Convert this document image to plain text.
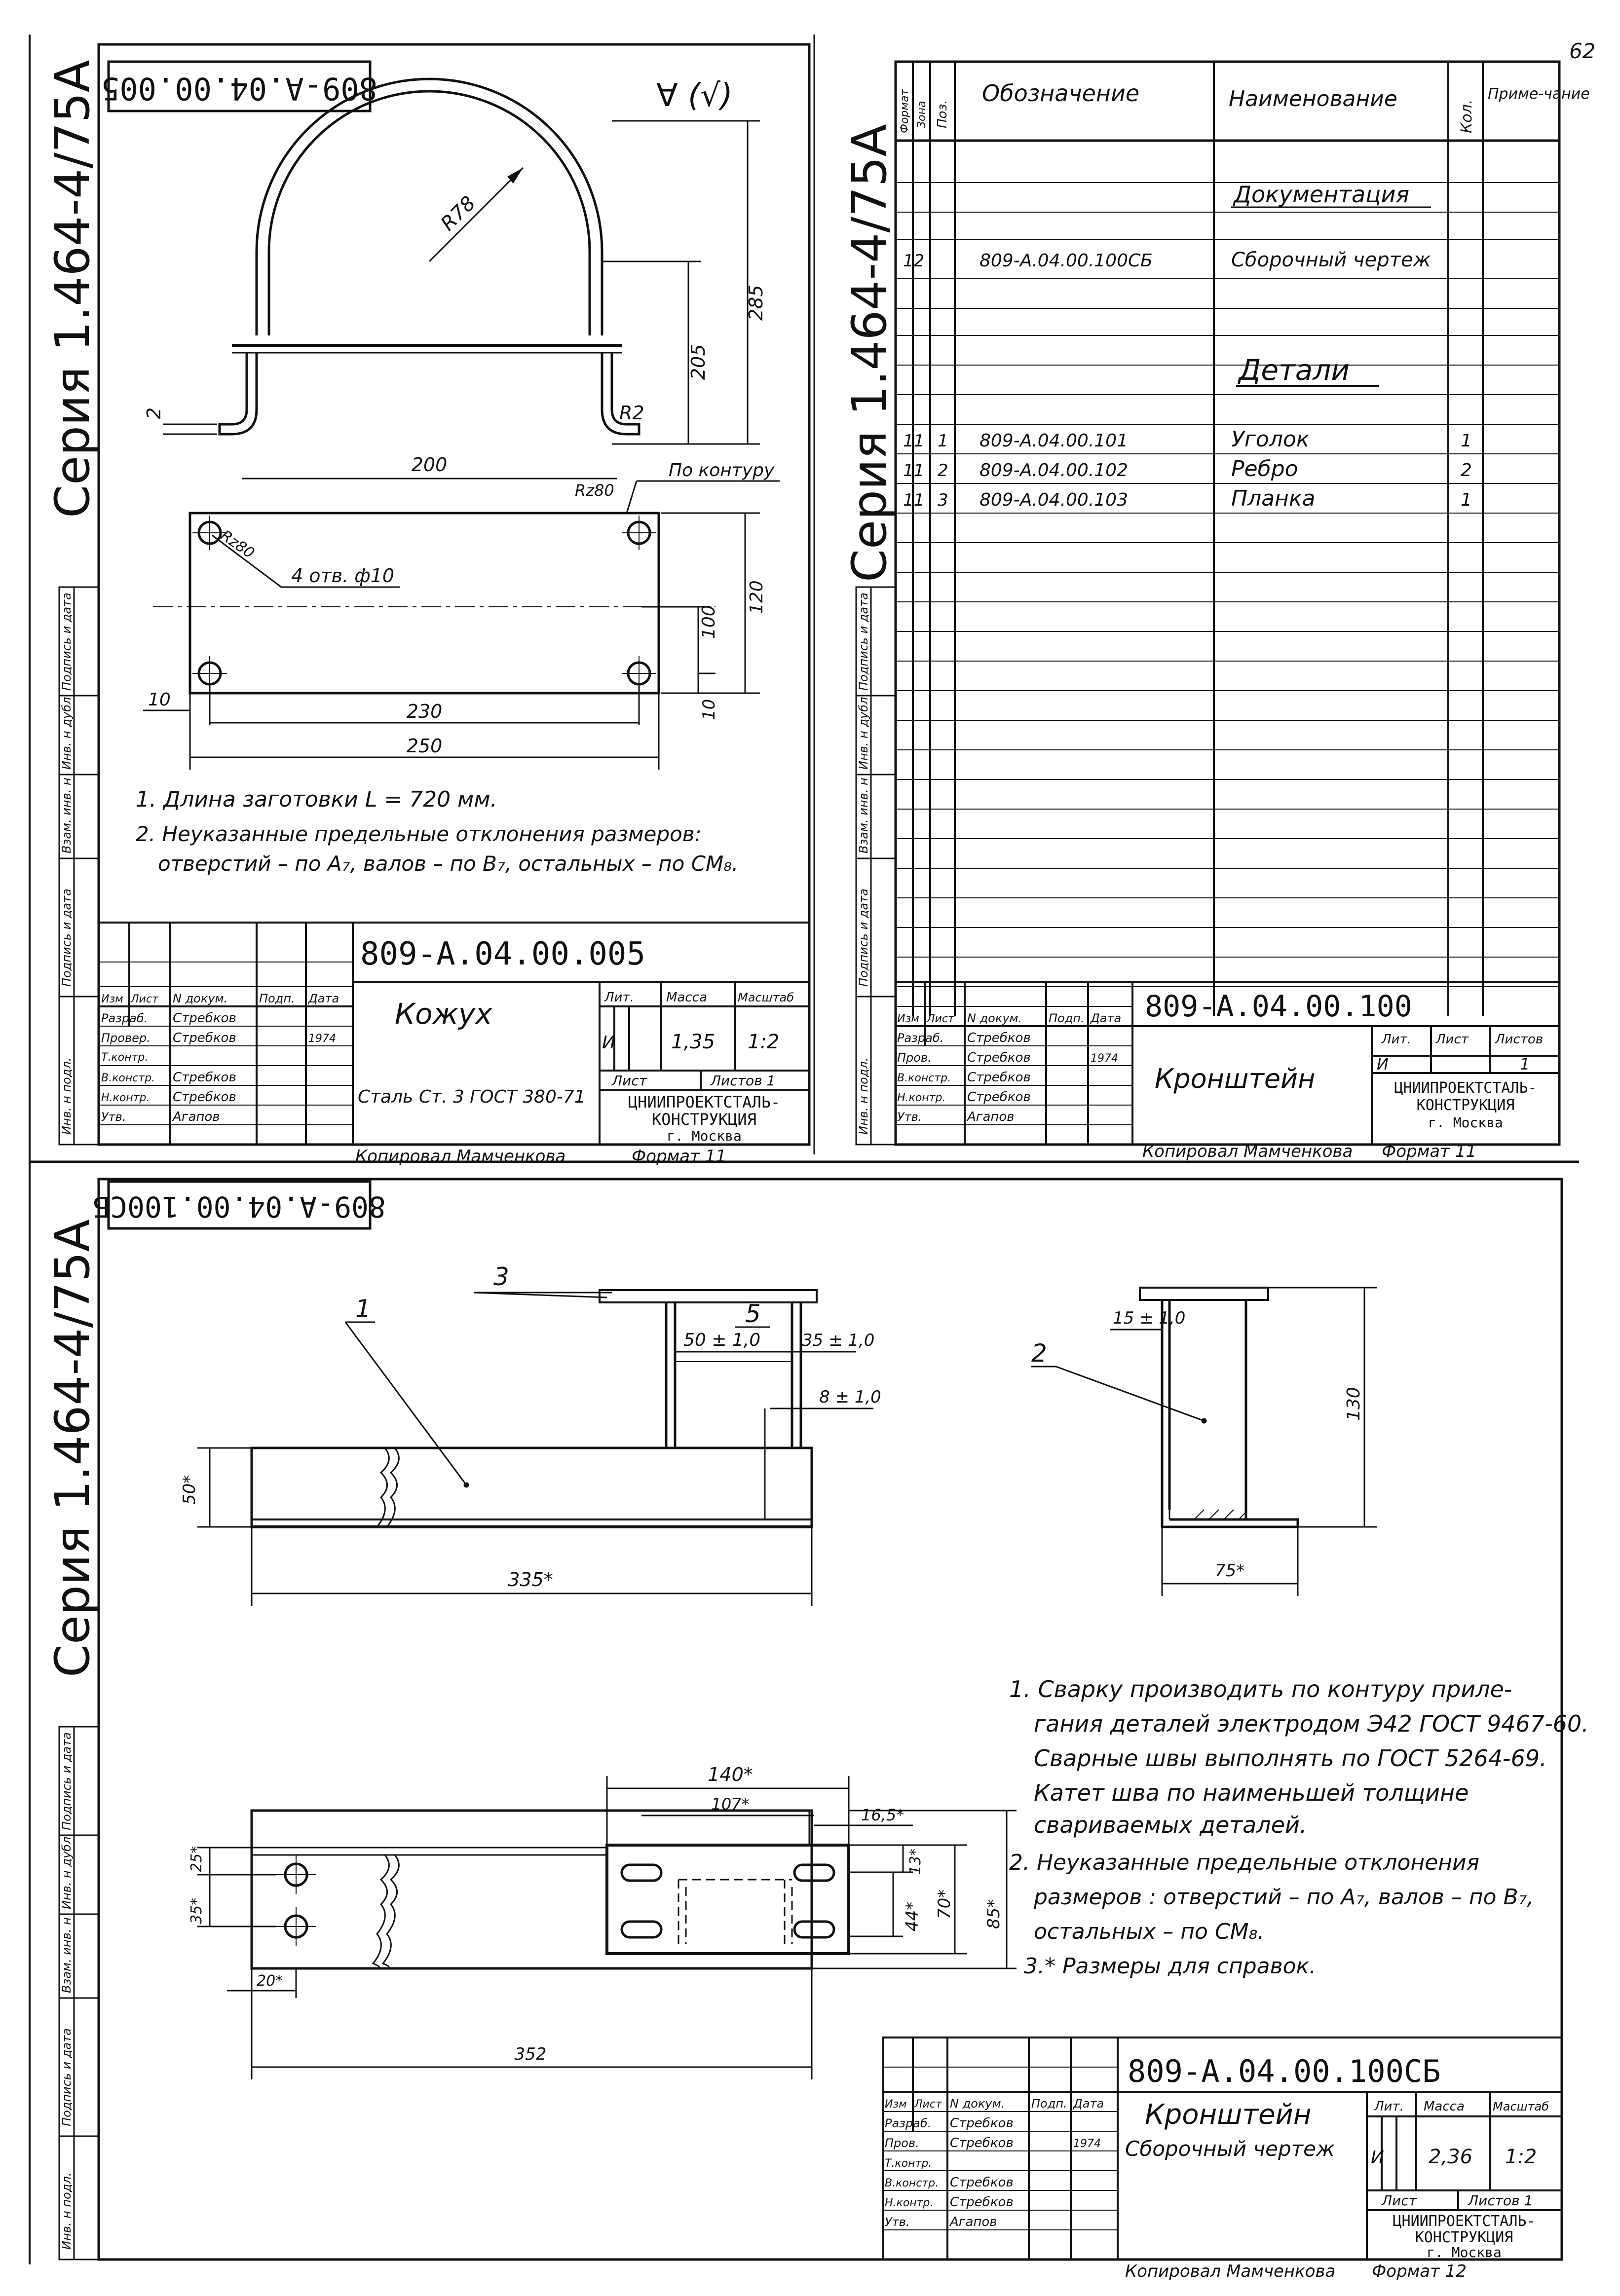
62
Серия 1.464-4/75А	Серия 1.464-4/75А
Серия 1.464-4/75А
Инв. н подл.
Подпись и дата
Взам. инв. н
Инв. н дубл.
Подпись и дата
Инв. н подл.
Подпись и дата
Взам. инв. н
Инв. н дубл.
Подпись и дата
Инв. н подл.
Подпись и дата
Взам. инв. н
Инв. н дубл.
Подпись и дата
809-А.04.00.005	∀ (√)
R78
285
205
R2
2
200
Rz80
По контуру
Rz80
4 отв. ф10
100
120
10
10
230
250
1. Длина заготовки L = 720 мм.
2. Неуказанные предельные отклонения размеров:
отверстий – по А₇, валов – по В₇, остальных – по СМ₈.
809-А.04.00.005
Изм Лист N докум.	Подп. Дата
Разраб. Стребков
Провер. Стребков	1974
Т.контр.
В.констр. Стребков
Н.контр. Стребков
Утв.	Агапов
Кожух	Лит.	Масса	Масштаб
И	1,35 1:2
Лист	Листов 1
Сталь Ст. 3 ГОСТ 380-71	ЦНИИПРОЕКТСТАЛЬ-
КОНСТРУКЦИЯ
г. Москва
Копировал Мамченкова	Формат 11
Формат Зона Поз.
Обозначение	Наименование
Кол.
Приме-чание
Документация
12	809-А.04.00.100СБ	Сборочный чертеж
Детали
11 1 809-А.04.00.101	Уголок	1
11 2 809-А.04.00.102	Ребро	2
11 3 809-А.04.00.103	Планка	1
809-А.04.00.100
Изм Лист N докум. Подп. Дата
Разраб. Стребков
Пров.	Стребков	1974
В.констр. Стребков
Н.контр. Стребков
Утв.	Агапов
Кронштейн
Лит. Лист Листов
И	1
ЦНИИПРОЕКТСТАЛЬ-
КОНСТРУКЦИЯ
г. Москва
Копировал Мамченкова Формат 11
809-А.04.00.100СБ
3
1	5
50 ± 1,0 35 ± 1,0
8 ± 1,0
50*
335*
15 ± 1,0
2
130
75*
140*
107*
16,5*
13*
44* 70* 85*
25*
35*
20*
352
1. Сварку производить по контуру приле-
гания деталей электродом Э42 ГОСТ 9467-60.
Сварные швы выполнять по ГОСТ 5264-69.
Катет шва по наименьшей толщине
свариваемых деталей.
2. Неуказанные предельные отклонения
размеров : отверстий – по А₇, валов – по В₇,
остальных – по СМ₈.
3.* Размеры для справок.
809-А.04.00.100СБ
Изм Лист N докум. Подп. Дата
Разраб. Стребков
Пров. Стребков	1974
Т.контр.
В.констр. Стребков
Н.контр. Стребков
Утв.	Агапов
Кронштейн
Сборочный чертеж
Лит. Масса Масштаб
И 2,36 1:2
Лист	Листов 1
ЦНИИПРОЕКТСТАЛЬ-
КОНСТРУКЦИЯ
г. Москва
Копировал Мамченкова Формат 12
